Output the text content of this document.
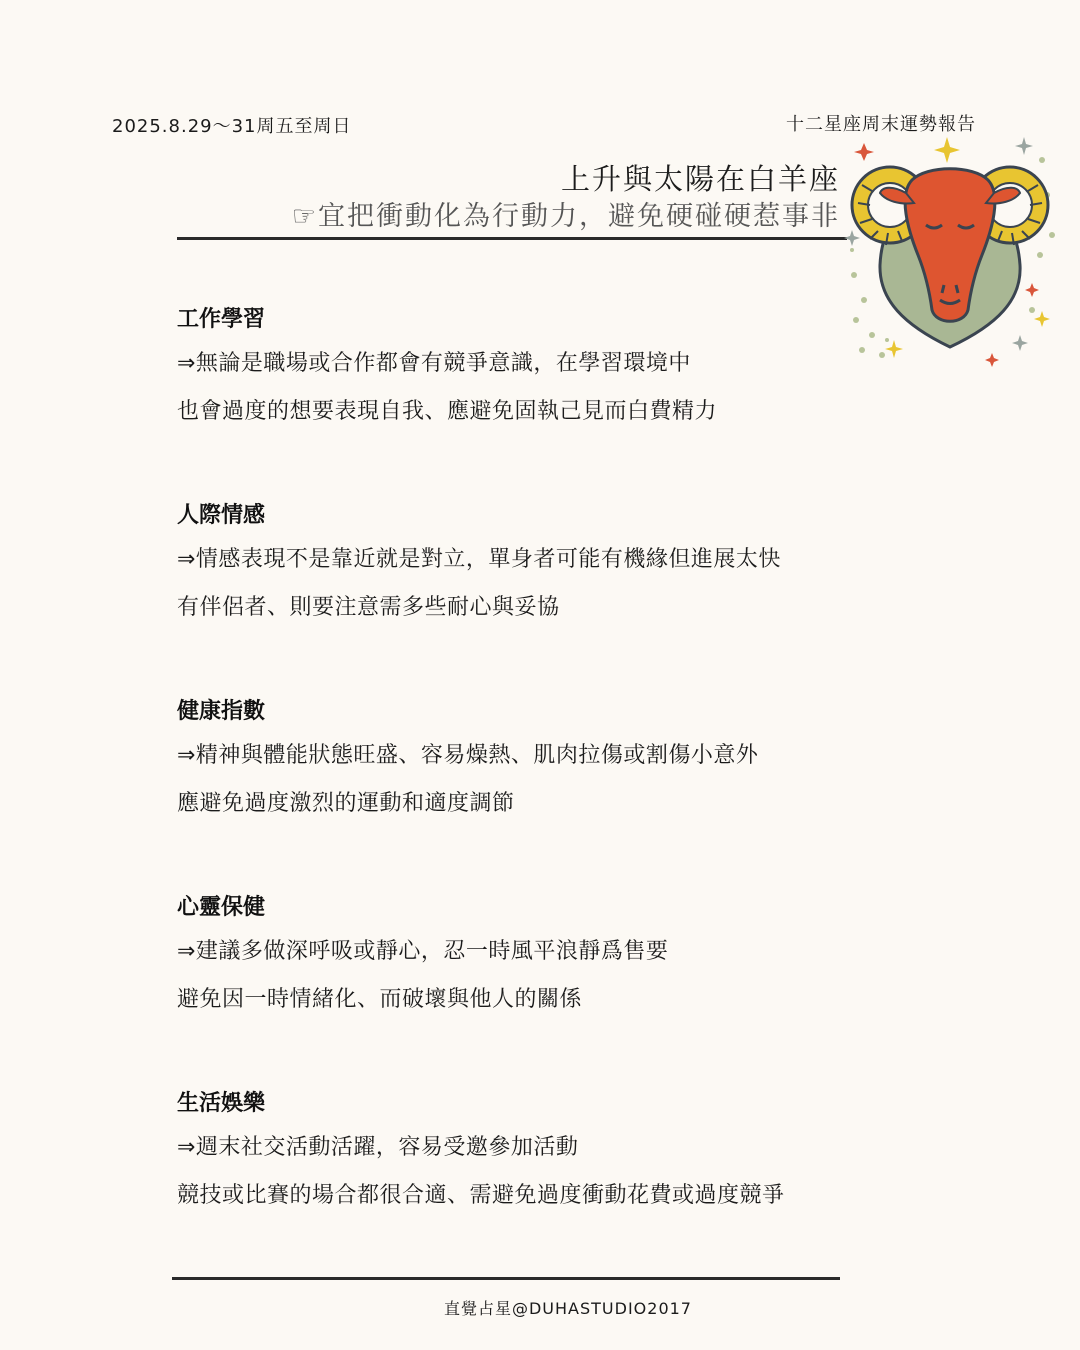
2025.8.29～31周五至周日	十二星座周末運勢報告
上升與太陽在白羊座
☞宜把衝動化為行動力，避免硬碰硬惹事非
工作學習
⇒無論是職場或合作都會有競爭意識，在學習環境中
也會過度的想要表現自我、應避免固執己見而白費精力
人際情感
⇒情感表現不是靠近就是對立，單身者可能有機緣但進展太快
有伴侶者、則要注意需多些耐心與妥協
健康指數
⇒精神與體能狀態旺盛、容易燥熱、肌肉拉傷或割傷小意外
應避免過度激烈的運動和適度調節
心靈保健
⇒建議多做深呼吸或靜心，忍一時風平浪靜爲售要
避免因一時情緒化、而破壞與他人的關係
生活娛樂
⇒週末社交活動活躍，容易受邀參加活動
競技或比賽的場合都很合適、需避免過度衝動花費或過度競爭
直覺占星@DUHASTUDIO2017
